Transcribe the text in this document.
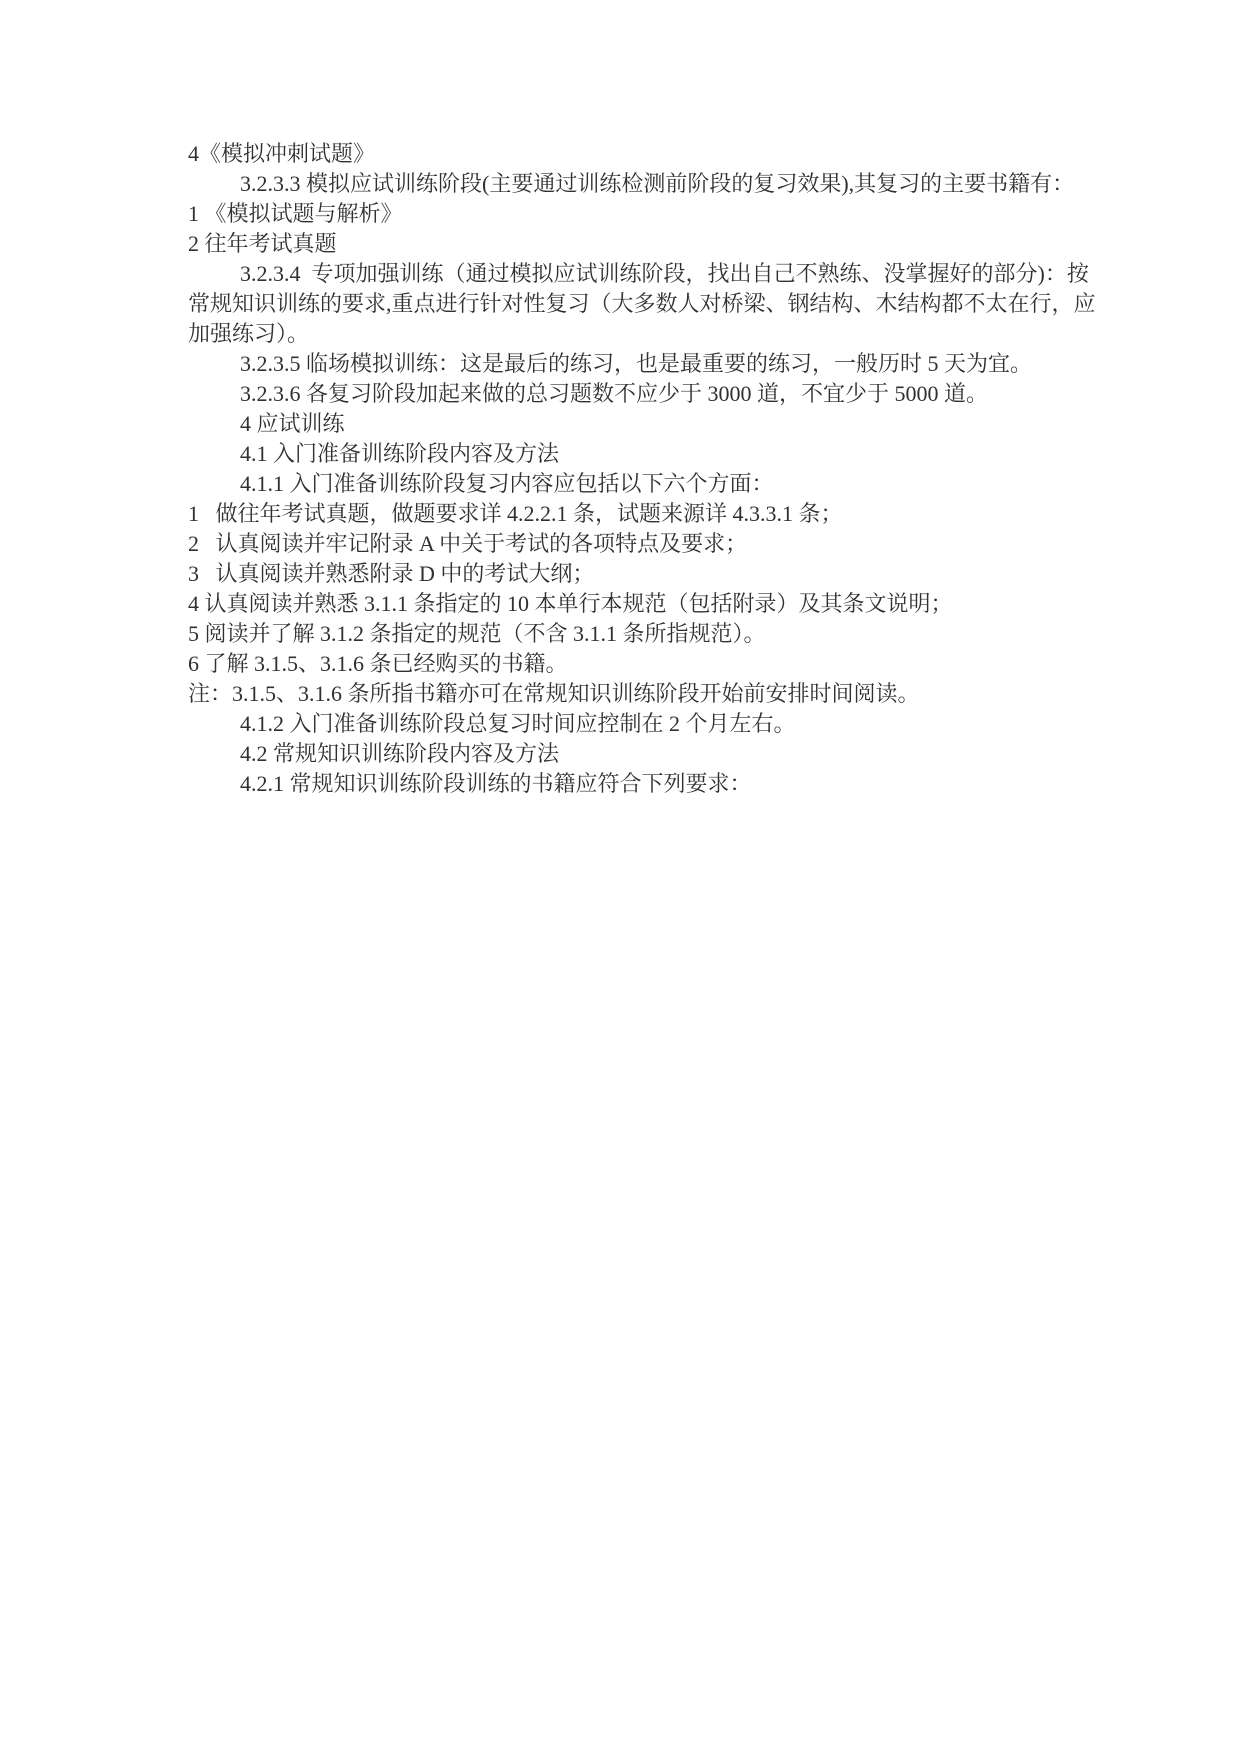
4《模拟冲刺试题》

3.2.3.3 模拟应试训练阶段(主要通过训练检测前阶段的复习效果),其复习的主要书籍有：

1 《模拟试题与解析》

2 往年考试真题

3.2.3.4  专项加强训练（通过模拟应试训练阶段，找出自己不熟练、没掌握好的部分)：按常规知识训练的要求,重点进行针对性复习（大多数人对桥梁、钢结构、木结构都不太在行，应加强练习）。

3.2.3.5 临场模拟训练：这是最后的练习，也是最重要的练习，一般历时 5 天为宜。

3.2.3.6 各复习阶段加起来做的总习题数不应少于 3000 道，不宜少于 5000 道。

4 应试训练

4.1 入门准备训练阶段内容及方法

4.1.1 入门准备训练阶段复习内容应包括以下六个方面：

1   做往年考试真题，做题要求详 4.2.2.1 条，试题来源详 4.3.3.1 条；

2   认真阅读并牢记附录 A 中关于考试的各项特点及要求；

3   认真阅读并熟悉附录 D 中的考试大纲；

4 认真阅读并熟悉 3.1.1 条指定的 10 本单行本规范（包括附录）及其条文说明；

5 阅读并了解 3.1.2 条指定的规范（不含 3.1.1 条所指规范）。

6 了解 3.1.5、3.1.6 条已经购买的书籍。

注：3.1.5、3.1.6 条所指书籍亦可在常规知识训练阶段开始前安排时间阅读。

4.1.2 入门准备训练阶段总复习时间应控制在 2 个月左右。

4.2 常规知识训练阶段内容及方法

4.2.1 常规知识训练阶段训练的书籍应符合下列要求：
